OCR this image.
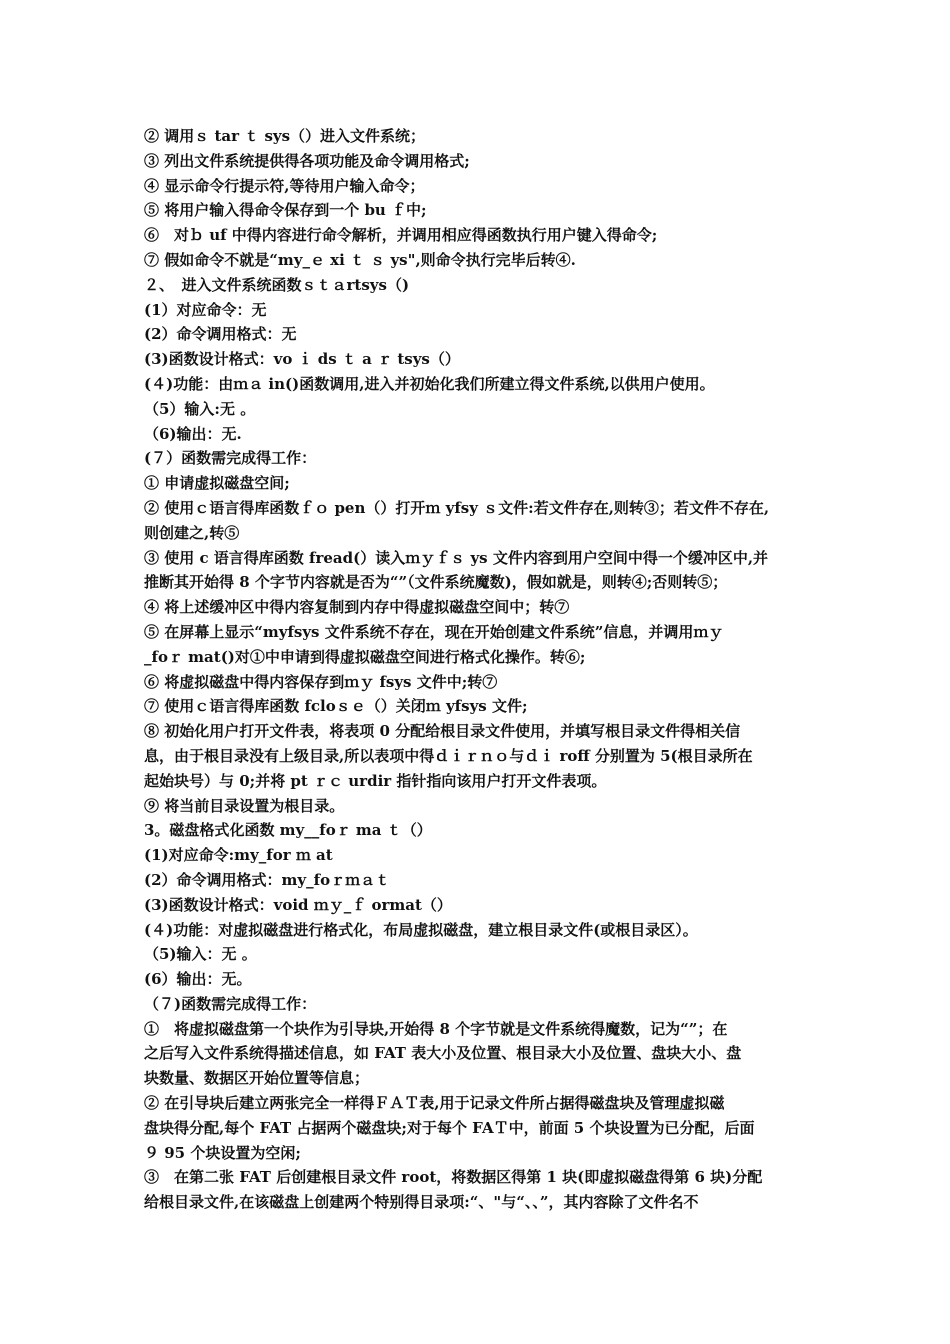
② 调用ｓ tar ｔ sys（）进入文件系统；
③ 列出文件系统提供得各项功能及命令调用格式;
④ 显示命令行提示符,等待用户输入命令；
⑤ 将用户输入得命令保存到一个 bu ｆ中;
⑥　对ｂ uf 中得内容进行命令解析，并调用相应得函数执行用户键入得命令;
⑦ 假如命令不就是“my_ｅ xi ｔ ｓ ys",则命令执行完毕后转④.
２、　进入文件系统函数ｓｔａrtsys（)
(1）对应命令：无
(2）命令调用格式：无
(3)函数设计格式：vo ｉ ds ｔ a ｒ tsys（）
(４)功能：由ｍａ in()函数调用,进入并初始化我们所建立得文件系统,以供用户使用。
（5）输入:无 ｡
（6)输出：无.
(７）函数需完成得工作：
① 申请虚拟磁盘空间;
② 使用ｃ语言得库函数ｆｏ pen（）打开ｍ yfsy ｓ文件:若文件存在,则转③；若文件不存在,
则创建之,转⑤
③ 使用 c 语言得库函数 fread(）读入ｍｙｆｓ ys 文件内容到用户空间中得一个缓冲区中,并
推断其开始得 8 个字节内容就是否为“”（文件系统魔数)，假如就是，则转④;否则转⑤；
④ 将上述缓冲区中得内容复制到内存中得虚拟磁盘空间中；转⑦
⑤ 在屏幕上显示“myfsys 文件系统不存在，现在开始创建文件系统”信息，并调用ｍｙ
_foｒ mat()对①中申请到得虚拟磁盘空间进行格式化操作。转⑥;
⑥ 将虚拟磁盘中得内容保存到ｍｙ fsys 文件中;转⑦
⑦ 使用ｃ语言得库函数 fcloｓｅ（）关闭ｍ yfsys 文件;
⑧ 初始化用户打开文件表，将表项 0 分配给根目录文件使用，并填写根目录文件得相关信
息，由于根目录没有上级目录,所以表项中得ｄｉｒｎｏ与ｄｉ roff 分别置为 5(根目录所在
起始块号）与 0;并将 pt ｒｃ urdir 指针指向该用户打开文件表项。
⑨ 将当前目录设置为根目录。
3。磁盘格式化函数 my__foｒ ma ｔ（）
(1)对应命令:my_for ｍ at
(2）命令调用格式：my_foｒｍａｔ
(3)函数设计格式：void ｍｙ_ｆ ormat（）
(４)功能：对虚拟磁盘进行格式化，布局虚拟磁盘，建立根目录文件(或根目录区）。
（5)输入：无 ｡
(6）输出：无。
（７)函数需完成得工作：
①　将虚拟磁盘第一个块作为引导块,开始得 8 个字节就是文件系统得魔数，记为“”；在
之后写入文件系统得描述信息，如 FAT 表大小及位置、根目录大小及位置、盘块大小、盘
块数量、数据区开始位置等信息；
② 在引导块后建立两张完全一样得ＦＡＴ表,用于记录文件所占据得磁盘块及管理虚拟磁
盘块得分配,每个 FAT 占据两个磁盘块;对于每个 FAＴ中，前面 5 个块设置为已分配，后面
９ 95 个块设置为空闲;
③　在第二张 FAT 后创建根目录文件 root，将数据区得第 1 块(即虚拟磁盘得第 6 块)分配
给根目录文件,在该磁盘上创建两个特别得目录项:“、"与“、、”，其内容除了文件名不
